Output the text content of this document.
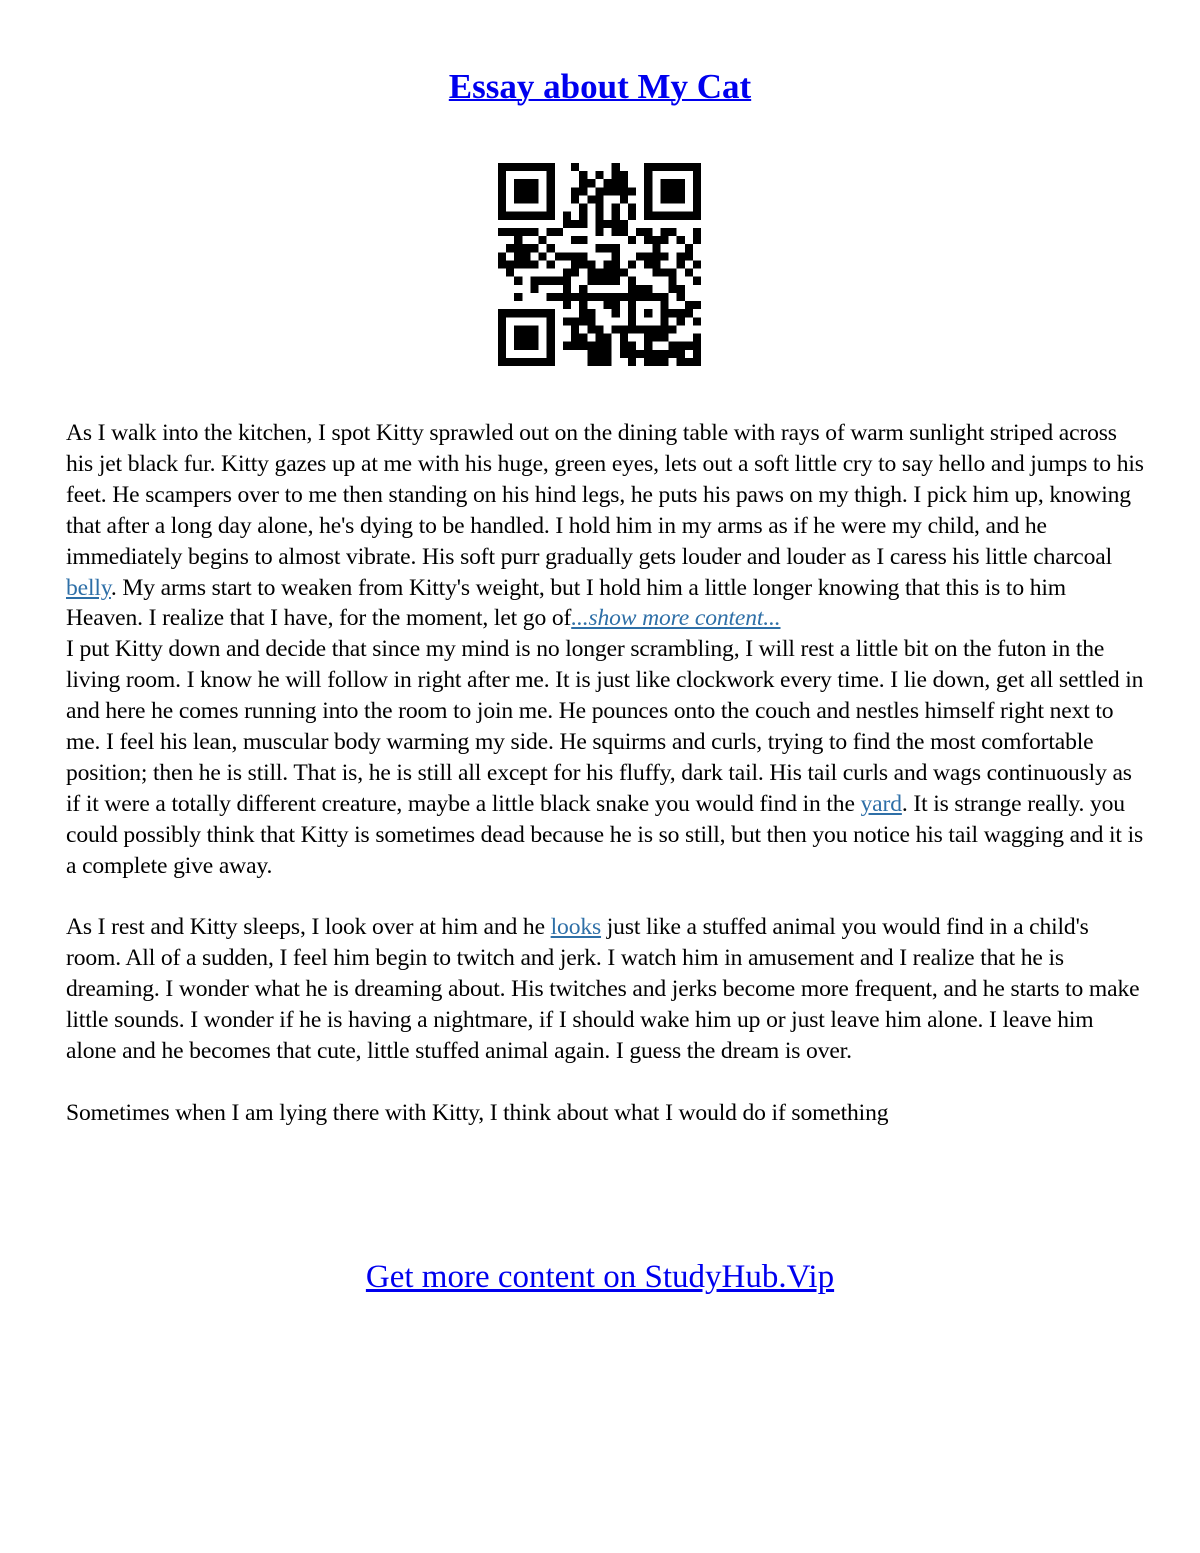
Essay about My Cat

As I walk into the kitchen, I spot Kitty sprawled out on the dining table with rays of warm sunlight striped across his jet black fur. Kitty gazes up at me with his huge, green eyes, lets out a soft little cry to say hello and jumps to his feet. He scampers over to me then standing on his hind legs, he puts his paws on my thigh. I pick him up, knowing that after a long day alone, he's dying to be handled. I hold him in my arms as if he were my child, and he immediately begins to almost vibrate. His soft purr gradually gets louder and louder as I caress his little charcoal belly. My arms start to weaken from Kitty's weight, but I hold him a little longer knowing that this is to him Heaven. I realize that I have, for the moment, let go of...show more content...

I put Kitty down and decide that since my mind is no longer scrambling, I will rest a little bit on the futon in the living room. I know he will follow in right after me. It is just like clockwork every time. I lie down, get all settled in and here he comes running into the room to join me. He pounces onto the couch and nestles himself right next to me. I feel his lean, muscular body warming my side. He squirms and curls, trying to find the most comfortable position; then he is still. That is, he is still all except for his fluffy, dark tail. His tail curls and wags continuously as if it were a totally different creature, maybe a little black snake you would find in the yard. It is strange really. you could possibly think that Kitty is sometimes dead because he is so still, but then you notice his tail wagging and it is a complete give away.

As I rest and Kitty sleeps, I look over at him and he looks just like a stuffed animal you would find in a child's room. All of a sudden, I feel him begin to twitch and jerk. I watch him in amusement and I realize that he is dreaming. I wonder what he is dreaming about. His twitches and jerks become more frequent, and he starts to make little sounds. I wonder if he is having a nightmare, if I should wake him up or just leave him alone. I leave him alone and he becomes that cute, little stuffed animal again. I guess the dream is over.

Sometimes when I am lying there with Kitty, I think about what I would do if something

Get more content on StudyHub.Vip
